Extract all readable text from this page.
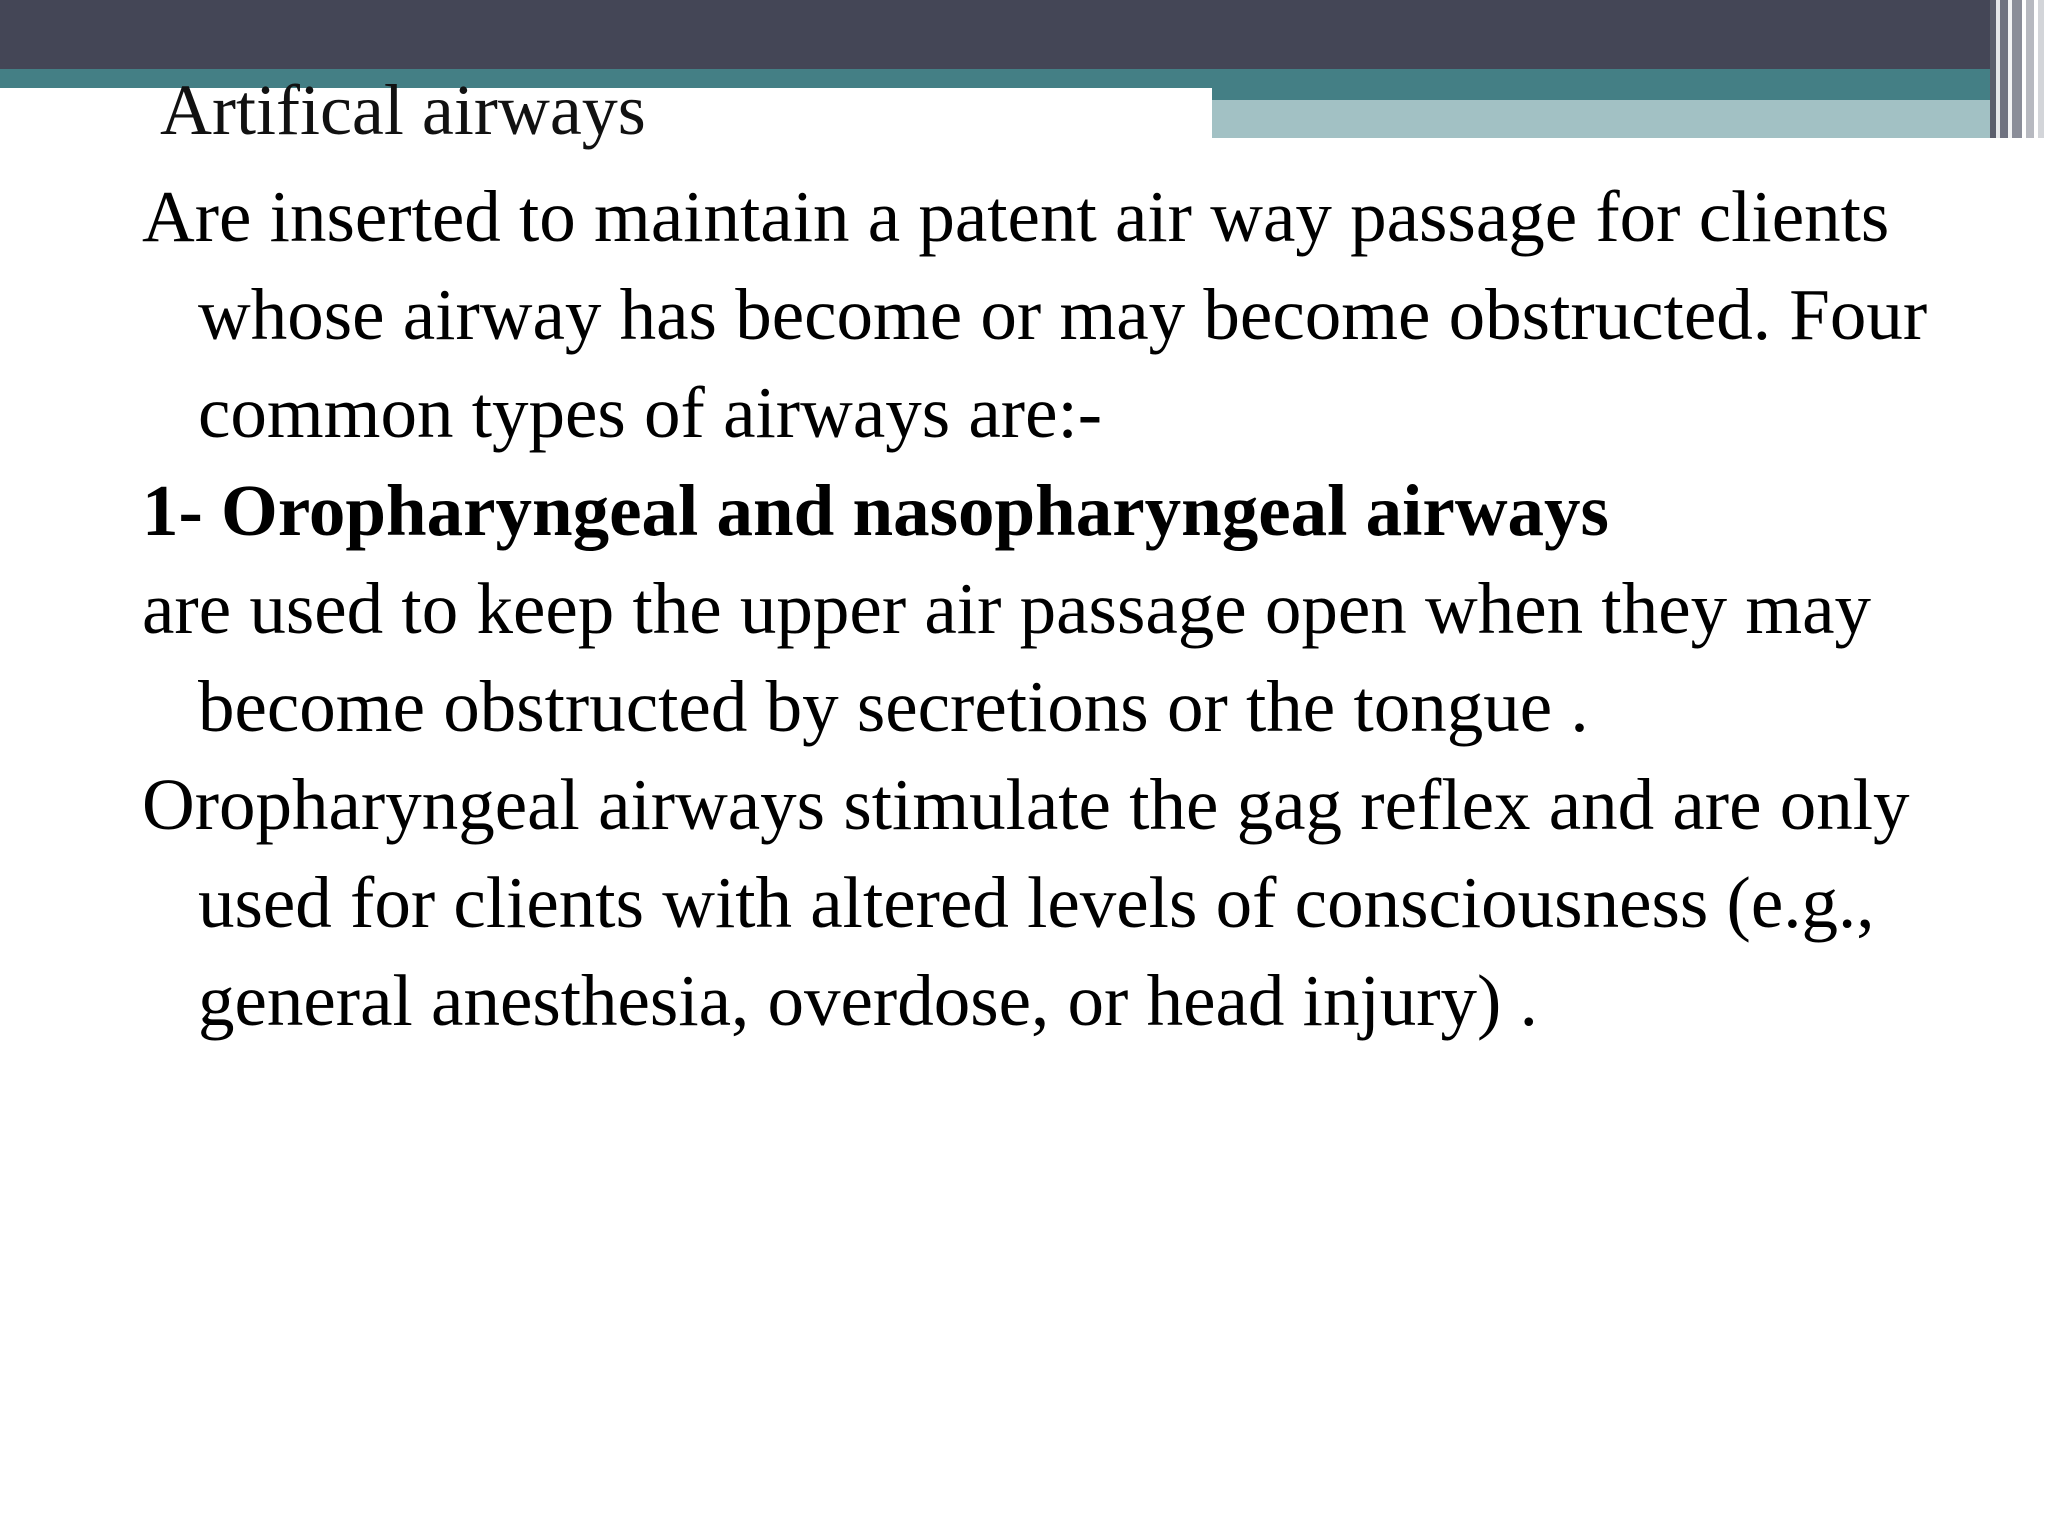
Artifical airways

Are inserted to maintain a patent air way passage for clients whose airway has become or may become obstructed. Four common types of airways are:-

1- Oropharyngeal and nasopharyngeal airways

are used to keep the upper air passage open when they may become obstructed by secretions or the tongue .

Oropharyngeal airways stimulate the gag reflex and are only used for clients with altered levels of consciousness (e.g., general anesthesia, overdose, or head injury) .
